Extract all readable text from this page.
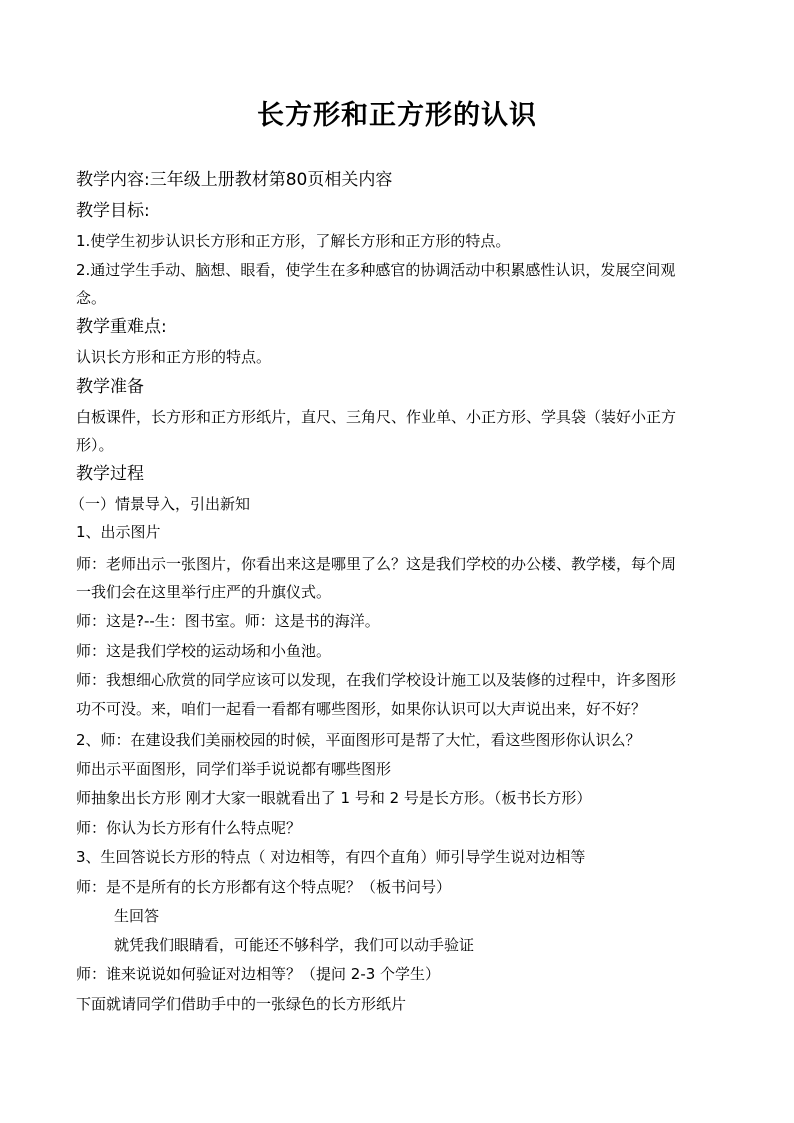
长方形和正方形的认识
教学内容:三年级上册教材第80页相关内容
教学目标:
1.使学生初步认识长方形和正方形，了解长方形和正方形的特点。
2.通过学生手动、脑想、眼看，使学生在多种感官的协调活动中积累感性认识，发展空间观
念。
教学重难点:
认识长方形和正方形的特点。
教学准备
白板课件，长方形和正方形纸片，直尺、三角尺、作业单、小正方形、学具袋（装好小正方
形）。
教学过程
（一）情景导入，引出新知
1、出示图片
师：老师出示一张图片，你看出来这是哪里了么？这是我们学校的办公楼、教学楼，每个周
一我们会在这里举行庄严的升旗仪式。
师：这是?--生：图书室。师：这是书的海洋。
师：这是我们学校的运动场和小鱼池。
师：我想细心欣赏的同学应该可以发现，在我们学校设计施工以及装修的过程中，许多图形
功不可没。来，咱们一起看一看都有哪些图形，如果你认识可以大声说出来，好不好？
2、师：在建设我们美丽校园的时候，平面图形可是帮了大忙，看这些图形你认识么？
师出示平面图形，同学们举手说说都有哪些图形
师抽象出长方形 刚才大家一眼就看出了 1 号和 2 号是长方形。（板书长方形）
师：你认为长方形有什么特点呢？
3、生回答说长方形的特点（ 对边相等，有四个直角）师引导学生说对边相等
师：是不是所有的长方形都有这个特点呢？（板书问号）
生回答
就凭我们眼睛看，可能还不够科学，我们可以动手验证
师：谁来说说如何验证对边相等？（提问 2-3 个学生）
下面就请同学们借助手中的一张绿色的长方形纸片
